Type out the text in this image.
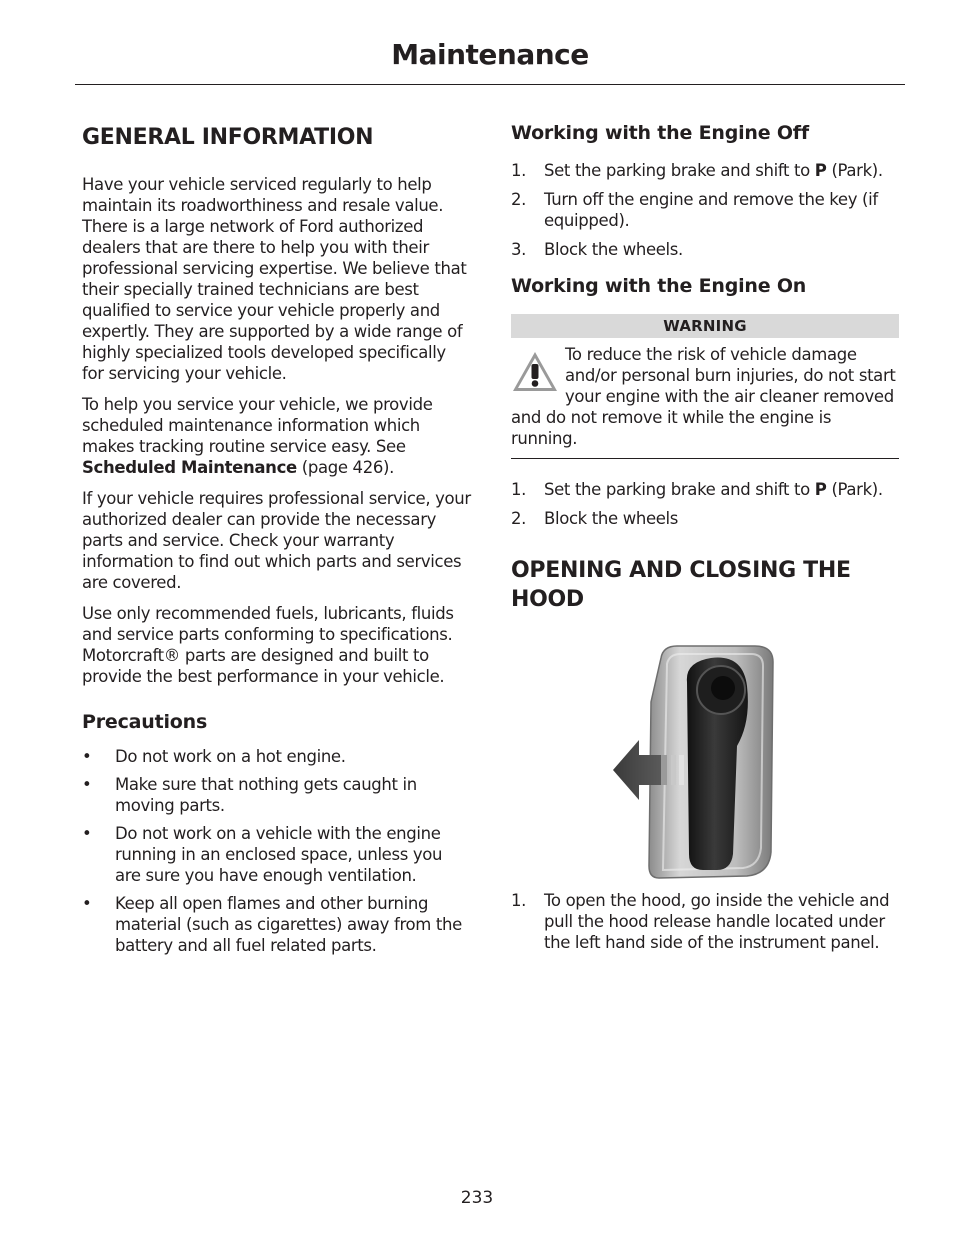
Maintenance
GENERAL INFORMATION

Have your vehicle serviced regularly to help maintain its roadworthiness and resale value. There is a large network of Ford authorized dealers that are there to help you with their professional servicing expertise. We believe that their specially trained technicians are best qualified to service your vehicle properly and expertly. They are supported by a wide range of highly specialized tools developed specifically for servicing your vehicle.

To help you service your vehicle, we provide scheduled maintenance information which makes tracking routine service easy. See Scheduled Maintenance (page 426).

If your vehicle requires professional service, your authorized dealer can provide the necessary parts and service. Check your warranty information to find out which parts and services are covered.

Use only recommended fuels, lubricants, fluids and service parts conforming to specifications. Motorcraft® parts are designed and built to provide the best performance in your vehicle.

Precautions
• Do not work on a hot engine.
• Make sure that nothing gets caught in moving parts.
• Do not work on a vehicle with the engine running in an enclosed space, unless you are sure you have enough ventilation.
• Keep all open flames and other burning material (such as cigarettes) away from the battery and all fuel related parts.
Working with the Engine Off
1. Set the parking brake and shift to P (Park).
2. Turn off the engine and remove the key (if equipped).
3. Block the wheels.
Working with the Engine On
WARNING

To reduce the risk of vehicle damage and/or personal burn injuries, do not start your engine with the air cleaner removed and do not remove it while the engine is running.

1. Set the parking brake and shift to P (Park).
2. Block the wheels
OPENING AND CLOSING THE HOOD
1. To open the hood, go inside the vehicle and pull the hood release handle located under the left hand side of the instrument panel.
233
